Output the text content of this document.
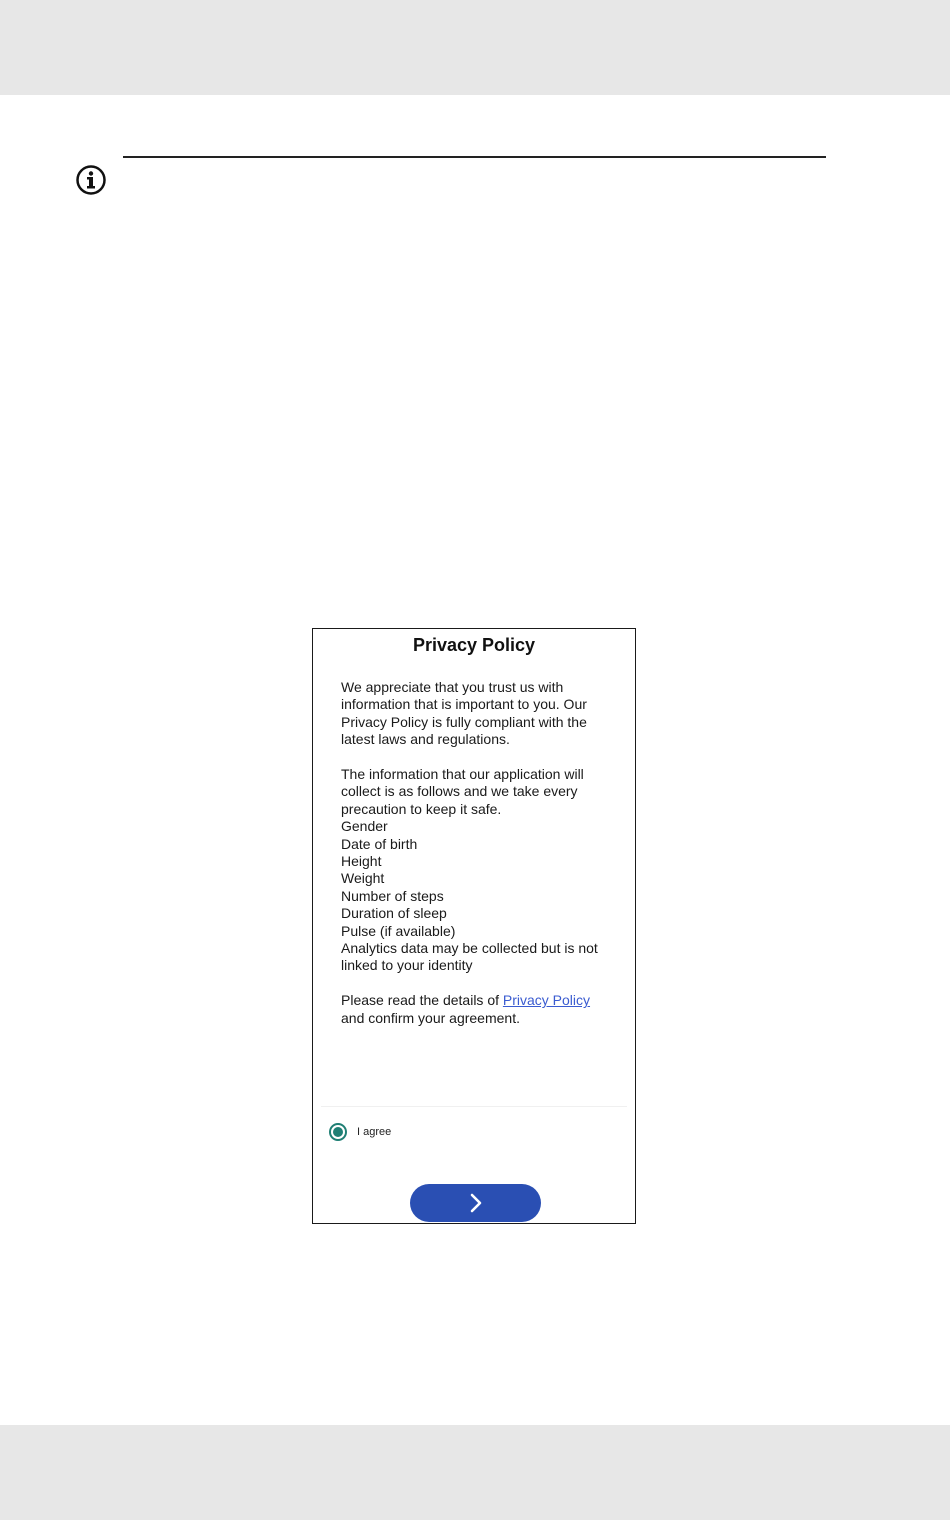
Privacy Policy

We appreciate that you trust us with information that is important to you. Our Privacy Policy is fully compliant with the latest laws and regulations.

The information that our application will collect is as follows and we take every precaution to keep it safe.

Gender

Date of birth

Height

Weight

Number of steps

Duration of sleep

Pulse (if available)

Analytics data may be collected but is not linked to your identity

Please read the details of Privacy Policy

and confirm your agreement.

I agree
